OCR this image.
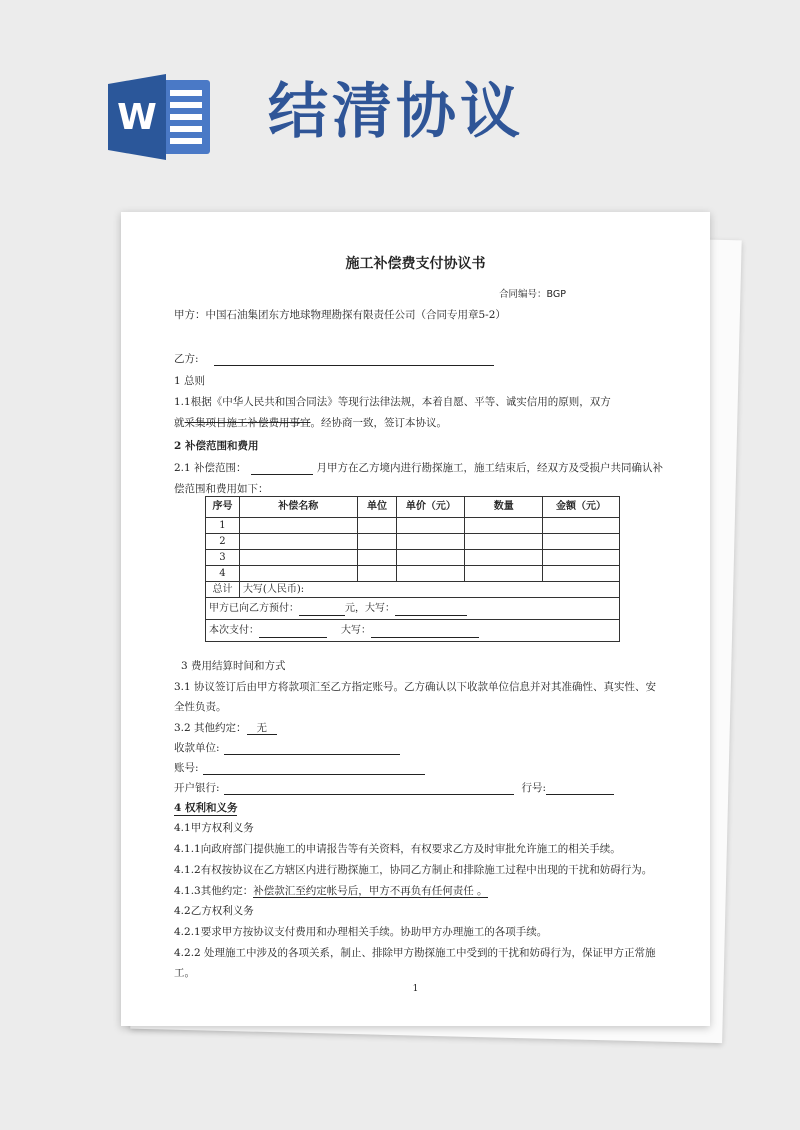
W 结清协议
施工补偿费支付协议书
合同编号：BGP
甲方：中国石油集团东方地球物理勘探有限责任公司（合同专用章5-2）
乙方:
1 总则
1.1根据《中华人民共和国合同法》等现行法律法规，本着自愿、平等、诚实信用的原则，双方
就采集项目施工补偿费用事宜。经协商一致，签订本协议。
2 补偿范围和费用
2.1 补偿范围：	月甲方在乙方境内进行勘探施工，施工结束后，经双方及受损户共同确认补
偿范围和费用如下：
序号	补偿名称	单位	单价（元）	数量	金额（元）
1					
2					
3					
4					
总计	大写(人民币):				
甲方已向乙方预付： 元，大写：					
本次支付： 大写：					
3 费用结算时间和方式
3.1 协议签订后由甲方将款项汇至乙方指定账号。乙方确认以下收款单位信息并对其准确性、真实性、安
全性负责。
3.2 其他约定： 无
收款单位:
账号:
开户银行:	行号:
4 权利和义务
4.1甲方权利义务
4.1.1向政府部门提供施工的申请报告等有关资料，有权要求乙方及时审批允许施工的相关手续。
4.1.2有权按协议在乙方辖区内进行勘探施工，协同乙方制止和排除施工过程中出现的干扰和妨碍行为。
4.1.3其他约定：补偿款汇至约定帐号后，甲方不再负有任何责任 。
4.2乙方权利义务
4.2.1要求甲方按协议支付费用和办理相关手续。协助甲方办理施工的各项手续。
4.2.2 处理施工中涉及的各项关系，制止、排除甲方勘探施工中受到的干扰和妨碍行为，保证甲方正常施
工。
1
